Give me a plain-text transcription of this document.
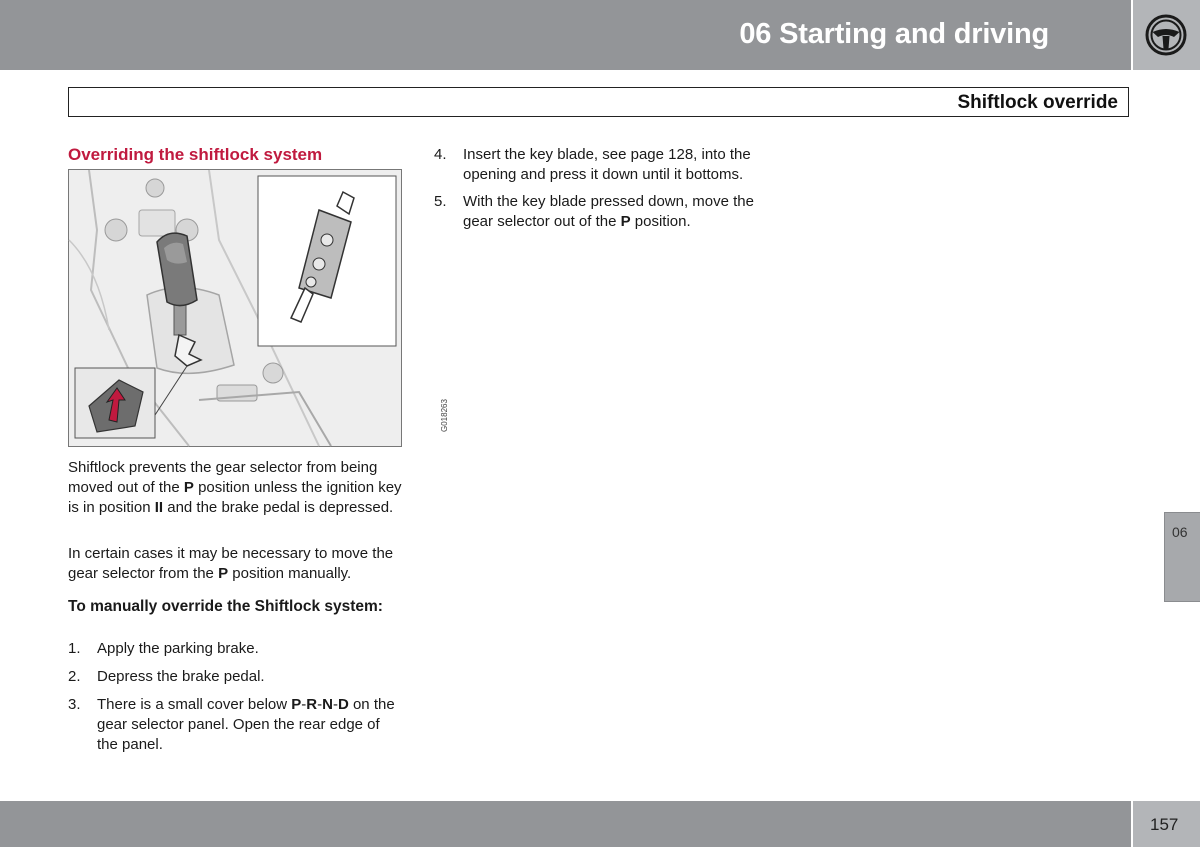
06 Starting and driving
Shiftlock override
Overriding the shiftlock system
G018263
Shiftlock prevents the gear selector from being moved out of the P position unless the ignition key is in position II and the brake pedal is depressed.
In certain cases it may be necessary to move the gear selector from the P position manually.
To manually override the Shiftlock system:
1. Apply the parking brake.
2. Depress the brake pedal.
3. There is a small cover below P-R-N-D on the gear selector panel. Open the rear edge of the panel.
4. Insert the key blade, see page 128, into the opening and press it down until it bottoms.
5. With the key blade pressed down, move the gear selector out of the P position.
06
157
